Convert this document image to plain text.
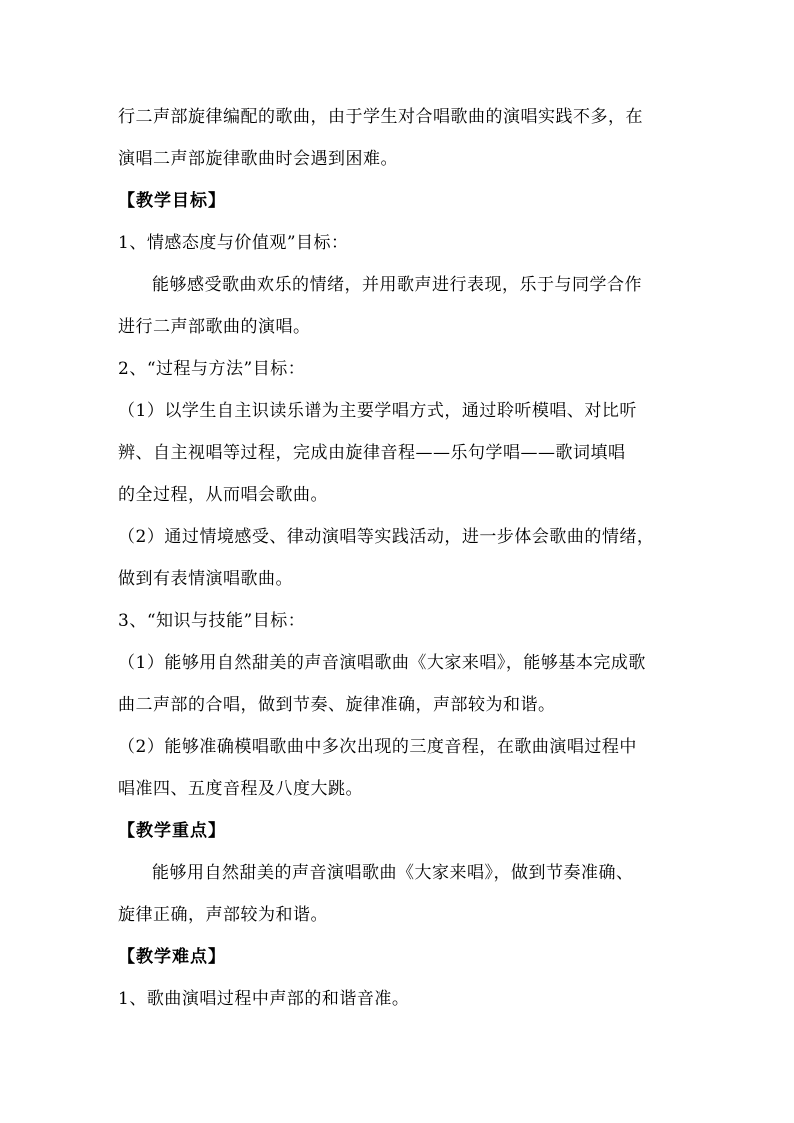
行二声部旋律编配的歌曲，由于学生对合唱歌曲的演唱实践不多，在
演唱二声部旋律歌曲时会遇到困难。
【教学目标】
1、情感态度与价值观”目标：
能够感受歌曲欢乐的情绪，并用歌声进行表现，乐于与同学合作
进行二声部歌曲的演唱。
2、“过程与方法”目标：
（1）以学生自主识读乐谱为主要学唱方式，通过聆听模唱、对比听
辨、自主视唱等过程，完成由旋律音程——乐句学唱——歌词填唱
的全过程，从而唱会歌曲。
（2）通过情境感受、律动演唱等实践活动，进一步体会歌曲的情绪，
做到有表情演唱歌曲。
3、“知识与技能”目标：
（1）能够用自然甜美的声音演唱歌曲《大家来唱》，能够基本完成歌
曲二声部的合唱，做到节奏、旋律准确，声部较为和谐。
（2）能够准确模唱歌曲中多次出现的三度音程，在歌曲演唱过程中
唱准四、五度音程及八度大跳。
【教学重点】
能够用自然甜美的声音演唱歌曲《大家来唱》，做到节奏准确、
旋律正确，声部较为和谐。
【教学难点】
1、歌曲演唱过程中声部的和谐音准。
